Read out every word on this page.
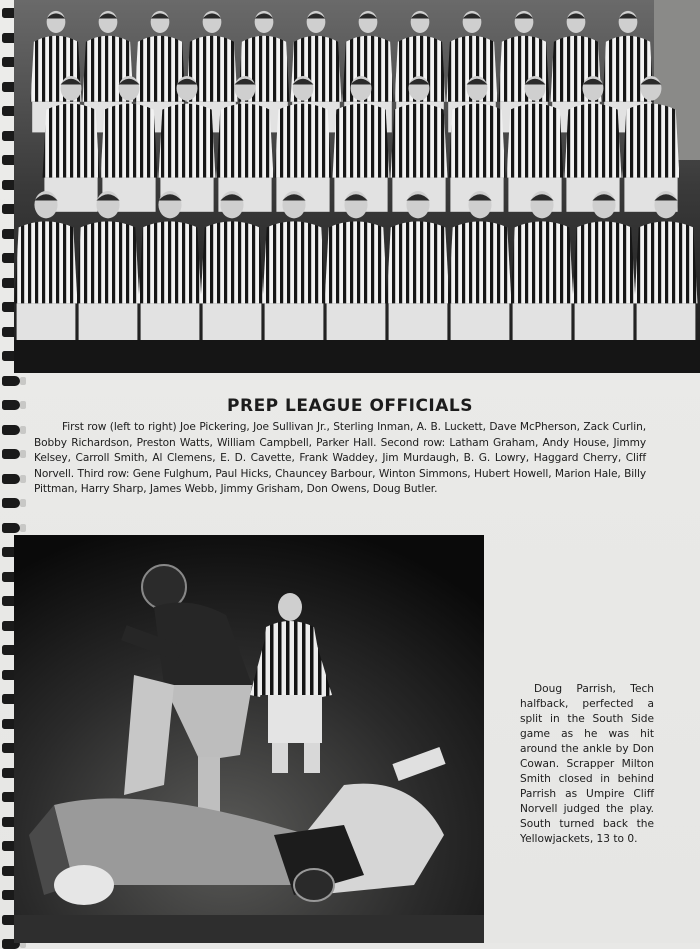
PREP LEAGUE OFFICIALS
First row (left to right) Joe Pickering, Joe Sullivan Jr., Sterling Inman, A. B. Luckett, Dave McPherson, Zack Curlin, Bobby Richardson, Preston Watts, William Campbell, Parker Hall. Second row: Latham Graham, Andy House, Jimmy Kelsey, Carroll Smith, Al Clemens, E. D. Cavette, Frank Waddey, Jim Murdaugh, B. G. Lowry, Haggard Cherry, Cliff Norvell. Third row: Gene Fulghum, Paul Hicks, Chauncey Barbour, Winton Simmons, Hubert Howell, Marion Hale, Billy Pittman, Harry Sharp, James Webb, Jimmy Grisham, Don Owens, Doug Butler.
Doug Parrish, Tech halfback, perfected a split in the South Side game as he was hit around the ankle by Don Cowan. Scrapper Milton Smith closed in behind Parrish as Umpire Cliff Norvell judged the play. South turned back the Yellowjackets, 13 to 0.
